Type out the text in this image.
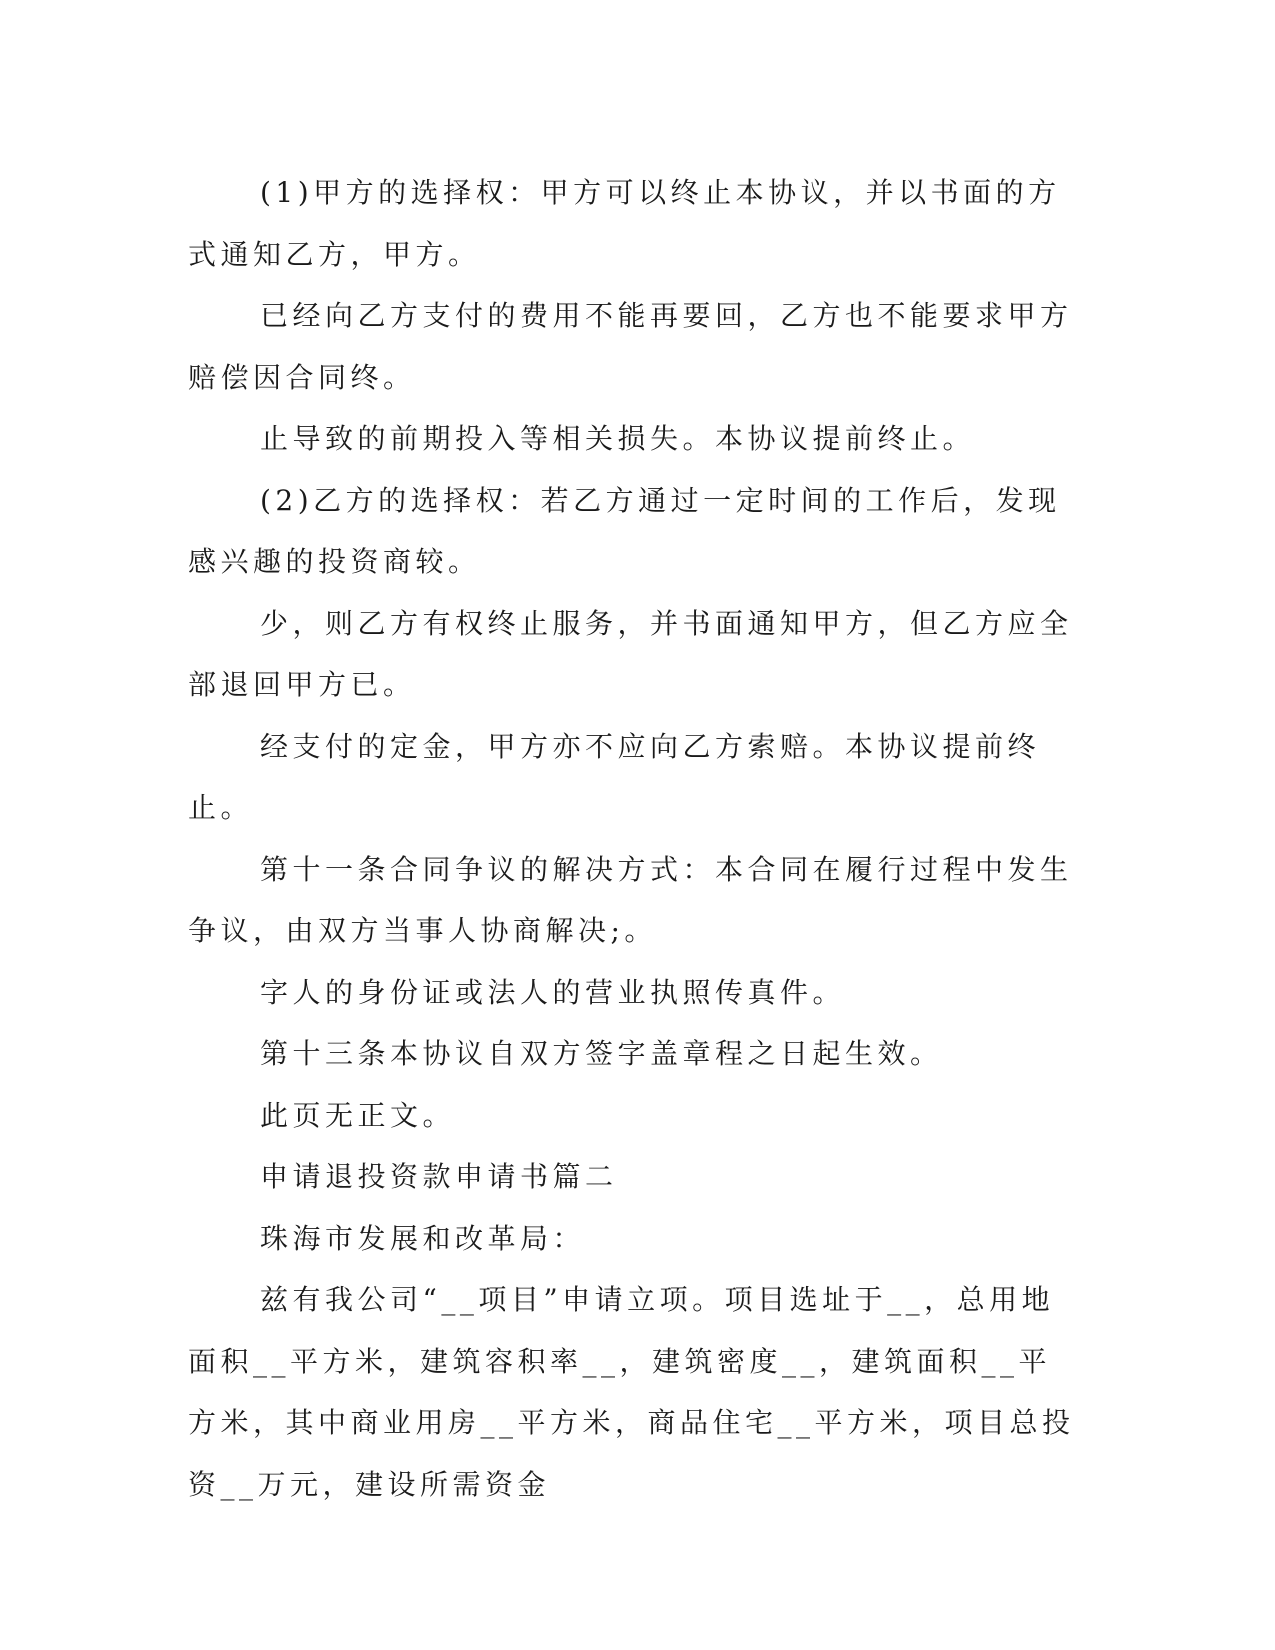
(1)甲方的选择权：甲方可以终止本协议，并以书面的方式通知乙方，甲方。

已经向乙方支付的费用不能再要回，乙方也不能要求甲方赔偿因合同终。

止导致的前期投入等相关损失。本协议提前终止。

(2)乙方的选择权：若乙方通过一定时间的工作后，发现感兴趣的投资商较。

少，则乙方有权终止服务，并书面通知甲方，但乙方应全部退回甲方已。

经支付的定金，甲方亦不应向乙方索赔。本协议提前终止。

第十一条合同争议的解决方式：本合同在履行过程中发生争议，由双方当事人协商解决;。

字人的身份证或法人的营业执照传真件。

第十三条本协议自双方签字盖章程之日起生效。

此页无正文。

申请退投资款申请书篇二

珠海市发展和改革局：

兹有我公司“__项目”申请立项。项目选址于__，总用地面积__平方米，建筑容积率__，建筑密度__，建筑面积__平方米，其中商业用房__平方米，商品住宅__平方米，项目总投资__万元，建设所需资金
